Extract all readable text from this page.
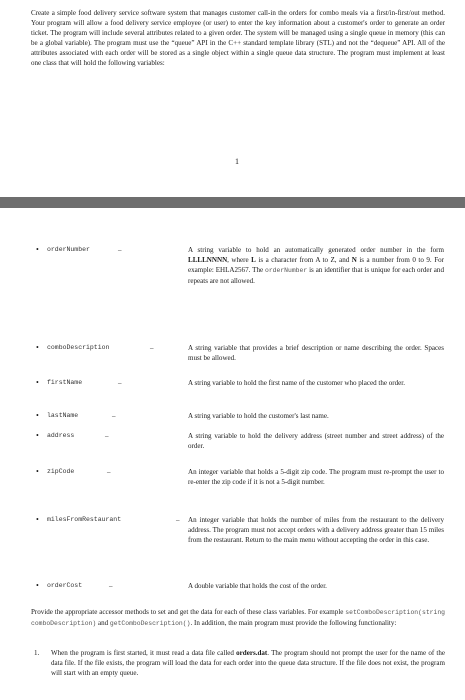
Create a simple food delivery service software system that manages customer call-in the orders for combo meals via a first/in-first/out method. Your program will allow a food delivery service employee (or user) to enter the key information about a customer's order to generate an order ticket. The program will include several attributes related to a given order. The system will be managed using a single queue in memory (this can be a global variable). The program must use the “queue” API in the C++ standard template library (STL) and not the “dequeue” API. All of the attributes associated with each order will be stored as a single object within a single queue data structure. The program must implement at least one class that will hold the following variables:
1
• orderNumber	–	A string variable to hold an automatically generated order number in the form LLLLNNNN, where L is a character from A to Z, and N is a number from 0 to 9. For example: EHLA2567. The orderNumber is an identifier that is unique for each order and repeats are not allowed.
• comboDescription	–	A string variable that provides a brief description or name describing the order. Spaces must be allowed.
• firstName	–	A string variable to hold the first name of the customer who placed the order.
• lastName	–	A string variable to hold the customer's last name.
• address	–	A string variable to hold the delivery address (street number and street address) of the order.
• zipCode	–	An integer variable that holds a 5-digit zip code. The program must re-prompt the user to re-enter the zip code if it is not a 5-digit number.
• milesFromRestaurant	– An integer variable that holds the number of miles from the restaurant to the delivery address. The program must not accept orders with a delivery address greater than 15 miles from the restaurant. Return to the main menu without accepting the order in this case.
• orderCost	–	A double variable that holds the cost of the order.
Provide the appropriate accessor methods to set and get the data for each of these class variables. For example setComboDescription(string comboDescription) and getComboDescription(). In addition, the main program must provide the following functionality:
1. When the program is first started, it must read a data file called orders.dat. The program should not prompt the user for the name of the data file. If the file exists, the program will load the data for each order into the queue data structure. If the file does not exist, the program will start with an empty queue.
